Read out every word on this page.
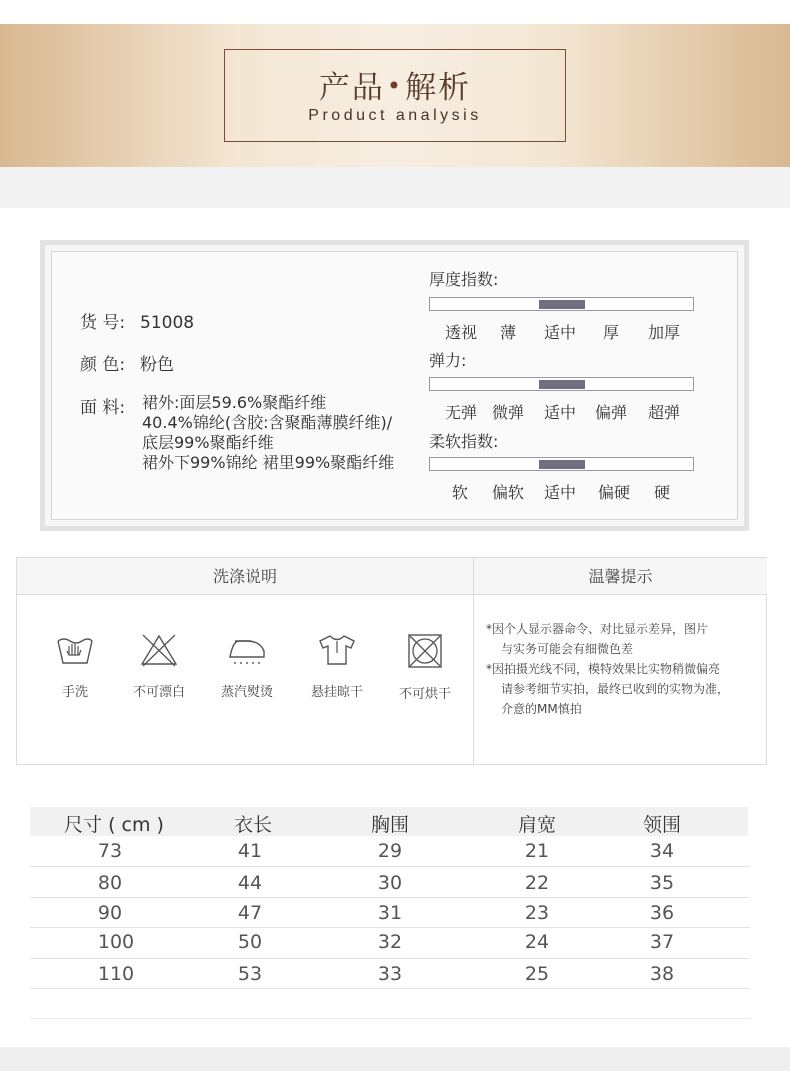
产品•解析
Product analysis
货 号: 51008
颜 色: 粉色
面 料: 裙外:面层59.6%聚酯纤维
40.4%锦纶(含胶:含聚酯薄膜纤维)/
底层99%聚酯纤维
裙外下99%锦纶 裙里99%聚酯纤维
厚度指数:
透视 薄 适中 厚 加厚
弹力:
无弹 微弹 适中 偏弹 超弹
柔软指数:
软 偏软 适中 偏硬 硬
洗涤说明	温馨提示
手洗	不可漂白	蒸汽熨烫	悬挂晾干	不可烘干
*因个人显示器命令、对比显示差异，图片
与实务可能会有细微色差
*因拍摄光线不同，模特效果比实物稍微偏亮
请参考细节实拍，最终已收到的实物为准，
介意的MM慎拍
尺寸 ( cm )	衣长	胸围	肩宽	领围
73	41	29	21	34
80	44	30	22	35
90	47	31	23	36
100	50	32	24	37
110	53	33	25	38
